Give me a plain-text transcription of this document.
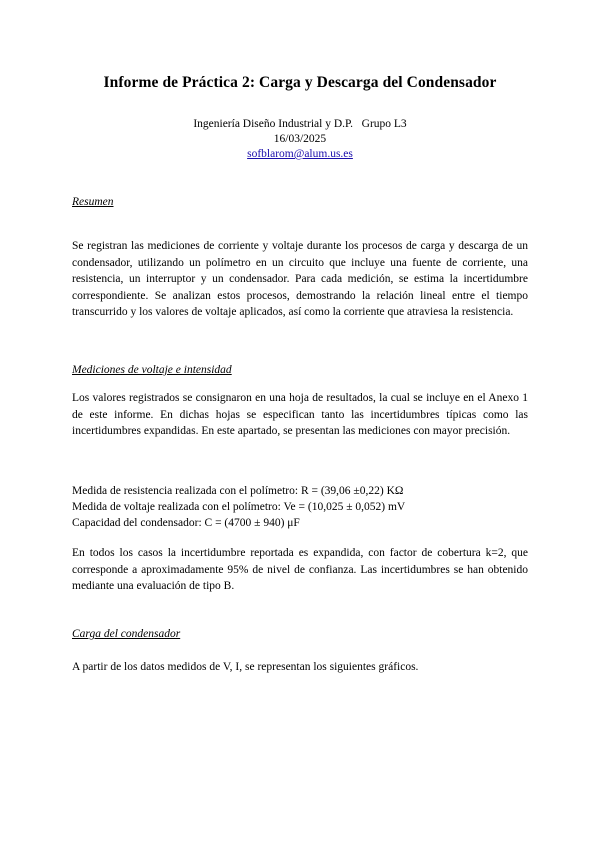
Informe de Práctica 2: Carga y Descarga del Condensador
Ingeniería Diseño Industrial y D.P. Grupo L3
16/03/2025
sofblarom@alum.us.es
Resumen
Se registran las mediciones de corriente y voltaje durante los procesos de carga y descarga de un condensador, utilizando un polímetro en un circuito que incluye una fuente de corriente, una resistencia, un interruptor y un condensador. Para cada medición, se estima la incertidumbre correspondiente. Se analizan estos procesos, demostrando la relación lineal entre el tiempo transcurrido y los valores de voltaje aplicados, así como la corriente que atraviesa la resistencia.
Mediciones de voltaje e intensidad
Los valores registrados se consignaron en una hoja de resultados, la cual se incluye en el Anexo 1 de este informe. En dichas hojas se especifican tanto las incertidumbres típicas como las incertidumbres expandidas. En este apartado, se presentan las mediciones con mayor precisión.
Medida de resistencia realizada con el polímetro: R = (39,06 ±0,22) KΩ
Medida de voltaje realizada con el polímetro: Ve = (10,025 ± 0,052) mV
Capacidad del condensador: C = (4700 ± 940) μF
En todos los casos la incertidumbre reportada es expandida, con factor de cobertura k=2, que corresponde a aproximadamente 95% de nivel de confianza. Las incertidumbres se han obtenido mediante una evaluación de tipo B.
Carga del condensador
A partir de los datos medidos de V, I, se representan los siguientes gráficos.
